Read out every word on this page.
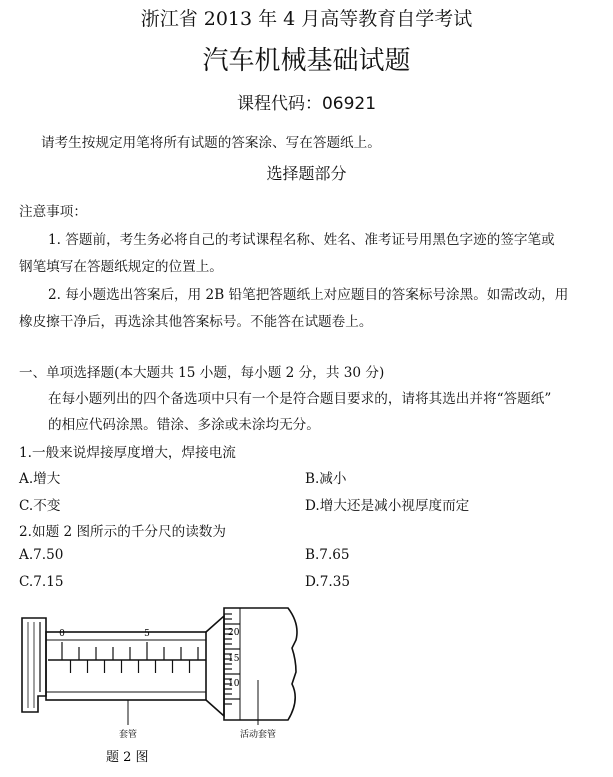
浙江省 2013 年 4 月高等教育自学考试
汽车机械基础试题
课程代码：06921
请考生按规定用笔将所有试题的答案涂、写在答题纸上。
选择题部分
注意事项：
1. 答题前，考生务必将自己的考试课程名称、姓名、准考证号用黑色字迹的签字笔或
钢笔填写在答题纸规定的位置上。
2. 每小题选出答案后，用 2B 铅笔把答题纸上对应题目的答案标号涂黑。如需改动，用
橡皮擦干净后，再选涂其他答案标号。不能答在试题卷上。
一、单项选择题(本大题共 15 小题，每小题 2 分，共 30 分)
在每小题列出的四个备选项中只有一个是符合题目要求的，请将其选出并将“答题纸”
的相应代码涂黑。错涂、多涂或未涂均无分。
1.一般来说焊接厚度增大，焊接电流
A.增大	B.减小
C.不变	D.增大还是减小视厚度而定
2.如题 2 图所示的千分尺的读数为
A.7.50	B.7.65
C.7.15	D.7.35
0	5	20
15
10
套管	活动套管
题 2 图
